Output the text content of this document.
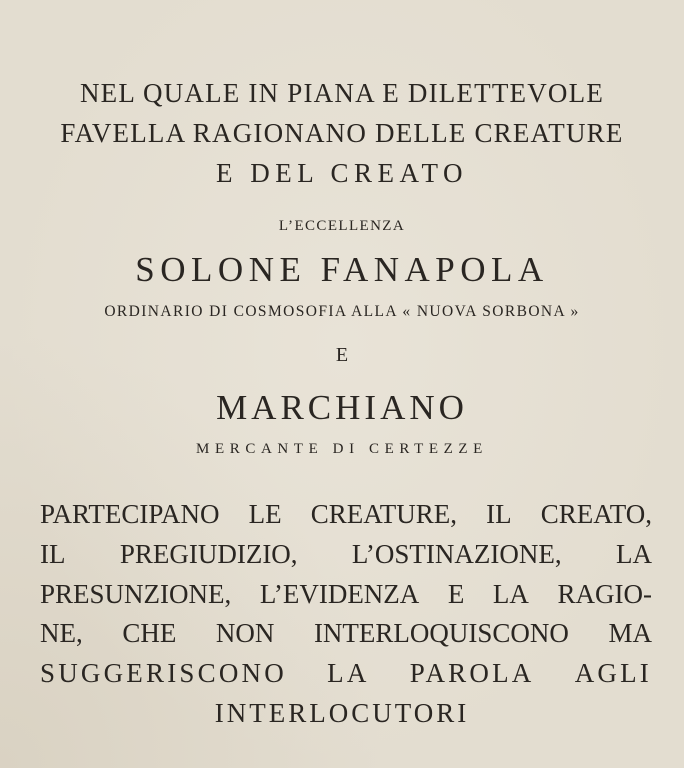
NEL QUALE IN PIANA E DILETTEVOLE
FAVELLA RAGIONANO DELLE CREATURE
E DEL CREATO
L’ECCELLENZA
SOLONE FANAPOLA
ORDINARIO DI COSMOSOFIA ALLA « NUOVA SORBONA »
E
MARCHIANO
MERCANTE DI CERTEZZE
PARTECIPANO LE CREATURE, IL CREATO,
IL PREGIUDIZIO, L’OSTINAZIONE, LA
PRESUNZIONE, L’EVIDENZA E LA RAGIO-
NE, CHE NON INTERLOQUISCONO MA
SUGGERISCONO LA PAROLA AGLI
INTERLOCUTORI
